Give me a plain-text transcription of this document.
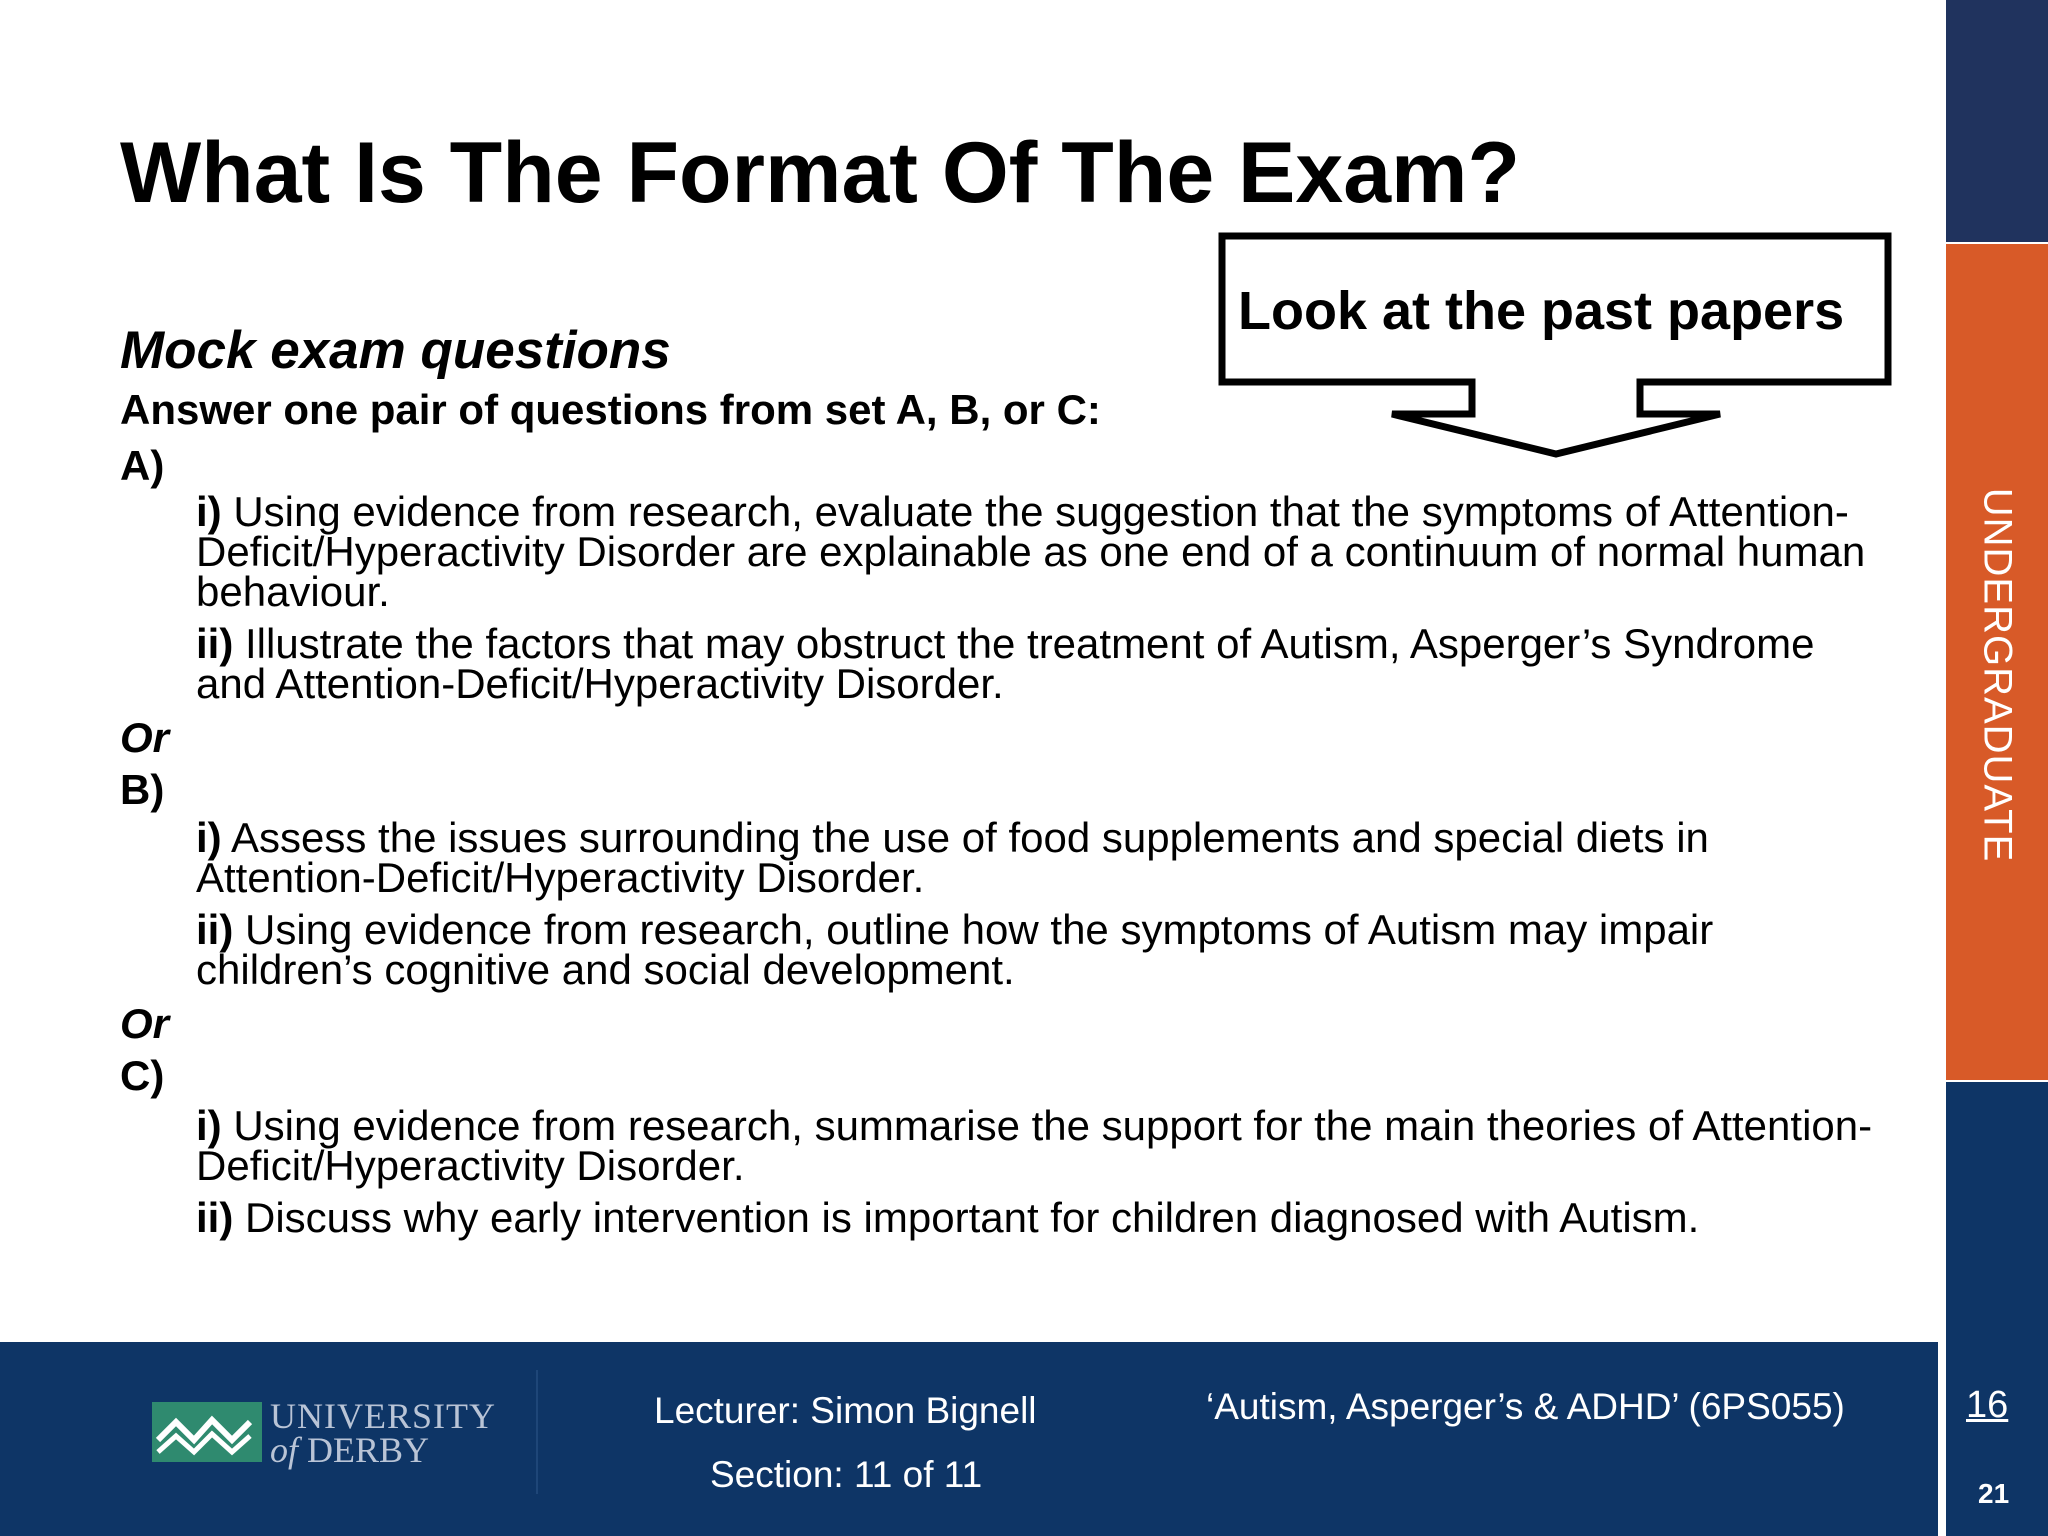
UNDERGRADUATE
What Is The Format Of The Exam?
Look at the past papers
Mock exam questions
Answer one pair of questions from set A, B, or C:
A)
i) Using evidence from research, evaluate the suggestion that the symptoms of Attention-Deficit/Hyperactivity Disorder are explainable as one end of a continuum of normal human behaviour.
ii) Illustrate the factors that may obstruct the treatment of Autism, Asperger’s Syndrome and Attention-Deficit/Hyperactivity Disorder.
Or
B)
i) Assess the issues surrounding the use of food supplements and special diets in Attention-Deficit/Hyperactivity Disorder.
ii) Using evidence from research, outline how the symptoms of Autism may impair children’s cognitive and social development.
Or
C)
i) Using evidence from research, summarise the support for the main theories of Attention-Deficit/Hyperactivity Disorder.
ii) Discuss why early intervention is important for children diagnosed with Autism.
UNIVERSITY
of DERBY
Lecturer: Simon Bignell
Section: 11 of 11
‘Autism, Asperger’s & ADHD’ (6PS055)	16
21
